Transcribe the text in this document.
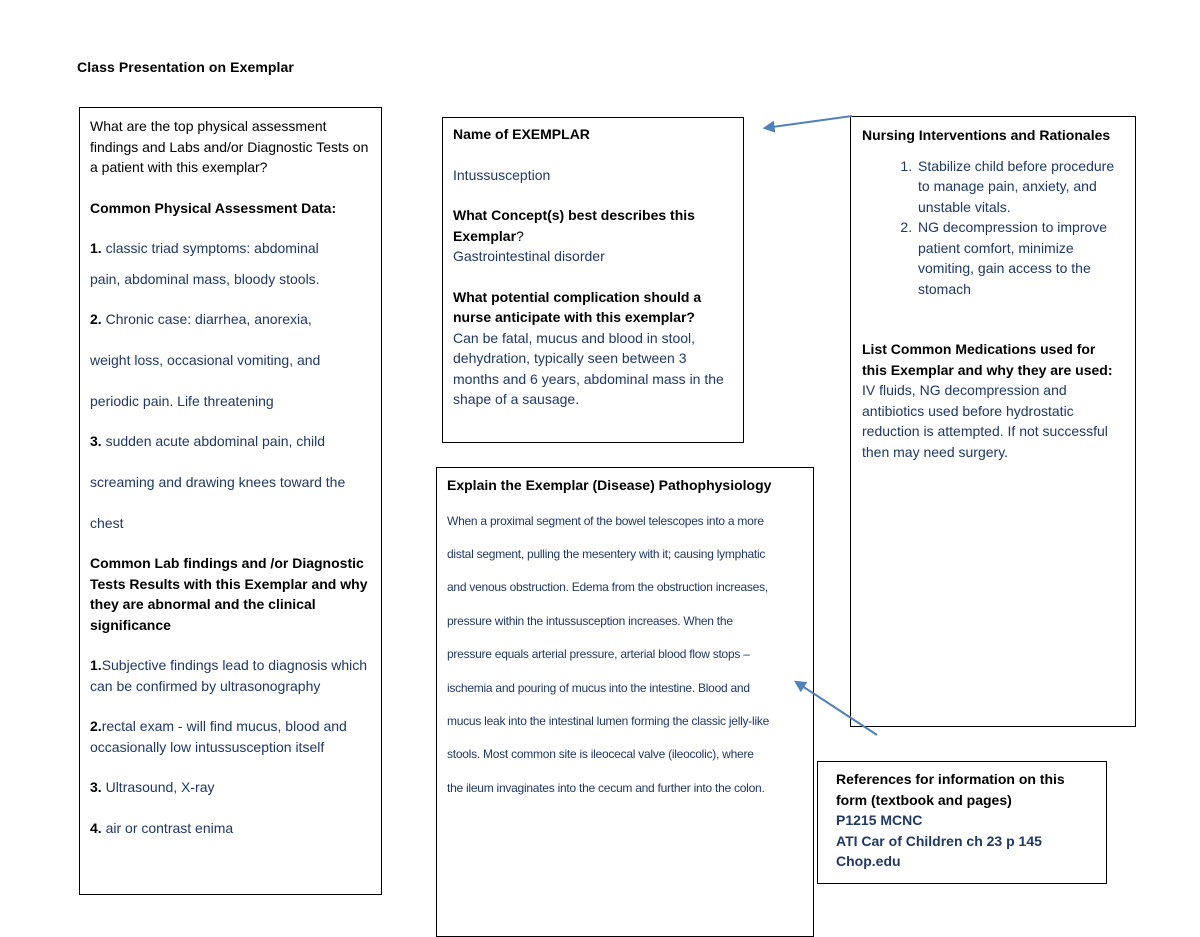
Class Presentation on Exemplar

What are the top physical assessment findings and Labs and/or Diagnostic Tests on a patient with this exemplar?

Common Physical Assessment Data:

1. classic triad symptoms: abdominal

pain, abdominal mass, bloody stools.

2. Chronic case: diarrhea, anorexia,

weight loss, occasional vomiting, and

periodic pain. Life threatening

3. sudden acute abdominal pain, child

screaming and drawing knees toward the

chest

Common Lab findings and /or Diagnostic Tests Results with this Exemplar and why they are abnormal and the clinical significance

1.Subjective findings lead to diagnosis which can be confirmed by ultrasonography

2.rectal exam - will find mucus, blood and occasionally low intussusception itself

3. Ultrasound, X-ray

4. air or contrast enima

Name of EXEMPLAR

Intussusception

What Concept(s) best describes this Exemplar?

Gastrointestinal disorder

What potential complication should a nurse anticipate with this exemplar?

Can be fatal, mucus and blood in stool, dehydration, typically seen between 3 months and 6 years, abdominal mass in the shape of a sausage.

Explain the Exemplar (Disease) Pathophysiology

When a proximal segment of the bowel telescopes into a more

distal segment, pulling the mesentery with it; causing lymphatic

and venous obstruction. Edema from the obstruction increases,

pressure within the intussusception increases. When the

pressure equals arterial pressure, arterial blood flow stops –

ischemia and pouring of mucus into the intestine. Blood and

mucus leak into the intestinal lumen forming the classic jelly-like

stools. Most common site is ileocecal valve (ileocolic), where

the ileum invaginates into the cecum and further into the colon.

Nursing Interventions and Rationales

1. Stabilize child before procedure to manage pain, anxiety, and unstable vitals.
2. NG decompression to improve patient comfort, minimize vomiting, gain access to the stomach

List Common Medications used for this Exemplar and why they are used:

IV fluids, NG decompression and antibiotics used before hydrostatic reduction is attempted. If not successful then may need surgery.

References for information on this form (textbook and pages)

P1215 MCNC

ATI Car of Children ch 23 p 145

Chop.edu
